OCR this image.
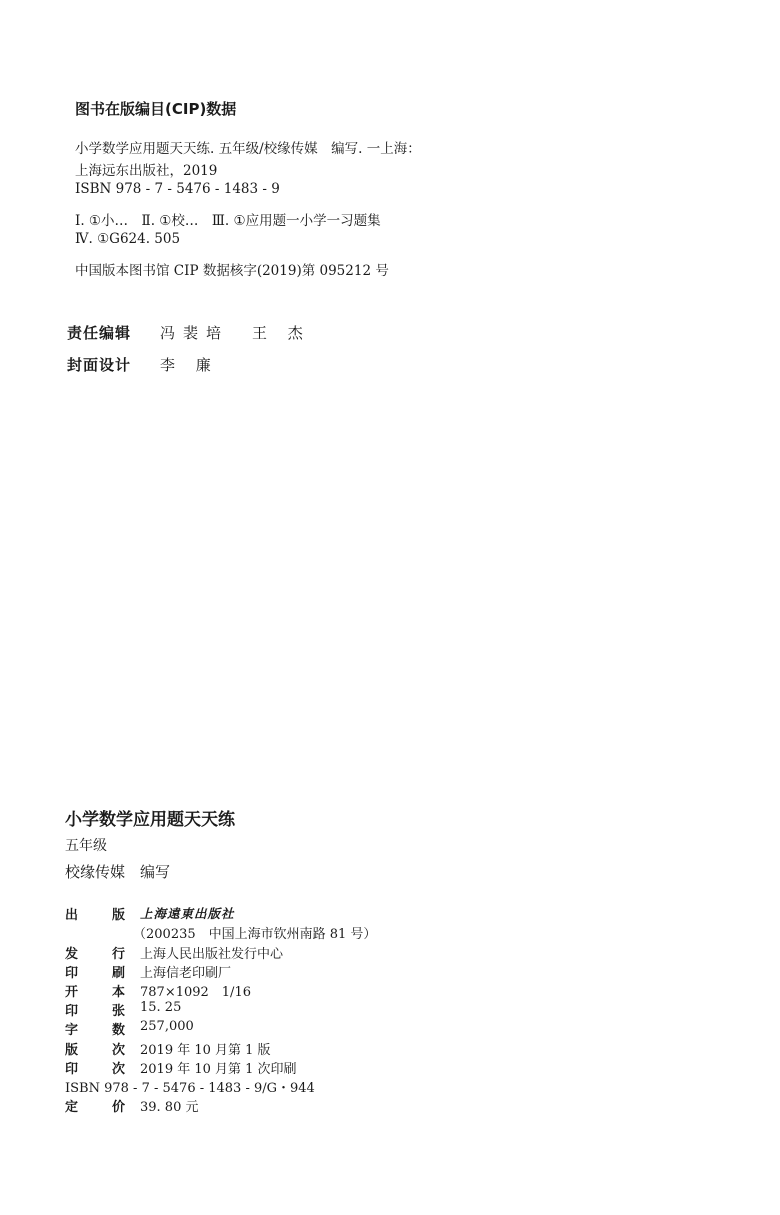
图书在版编目(CIP)数据
小学数学应用题天天练. 五年级/校缘传媒　编写. 一上海：
上海远东出版社，2019
ISBN 978 - 7 - 5476 - 1483 - 9
Ⅰ. ①小…　Ⅱ. ①校…　Ⅲ. ①应用题一小学一习题集
Ⅳ. ①G624. 505
中国版本图书馆 CIP 数据核字(2019)第 095212 号
责任编辑 冯裴培　王 杰
封面设计 李 廉
小学数学应用题天天练
五年级
校缘传媒　编写
出	版 上海遠東出版社
（200235　中国上海市钦州南路 81 号）
发	行 上海人民出版社发行中心
印	刷 上海信老印刷厂
开	本 787×1092　1/16
印	张 15. 25
字	数 257,000
版	次 2019 年 10 月第 1 版
印	次 2019 年 10 月第 1 次印刷
ISBN 978 - 7 - 5476 - 1483 - 9/G・944
定	价 39. 80 元
